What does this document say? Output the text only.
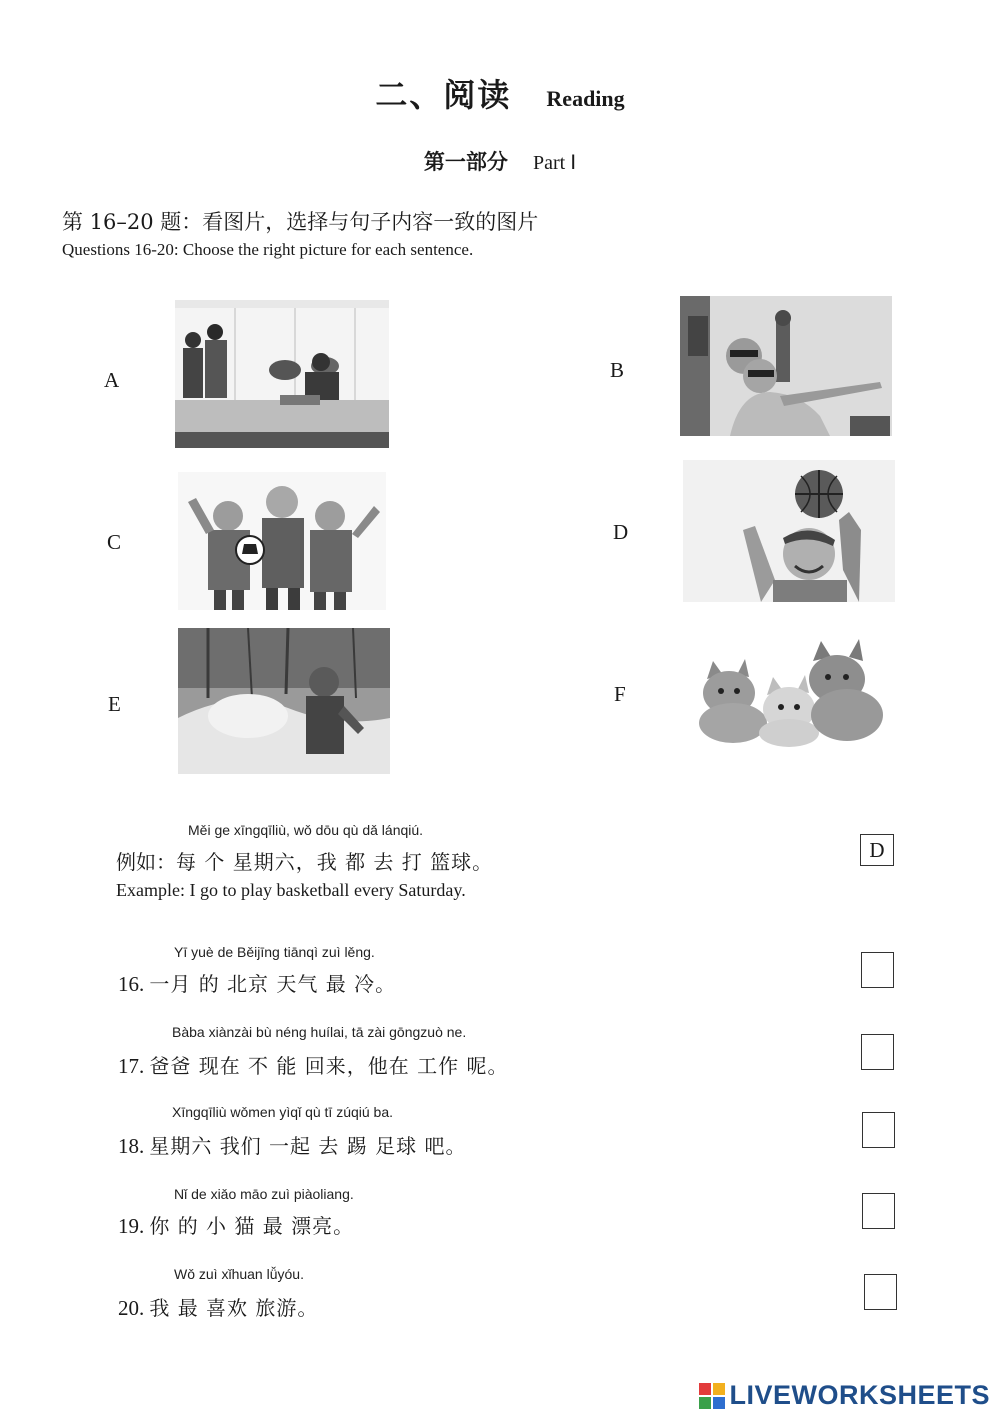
二、阅读 Reading
第一部分 Part Ⅰ
第 16–20 题：看图片，选择与句子内容一致的图片
Questions 16-20: Choose the right picture for each sentence.
A	B
C	D
E	F
Měi ge xīngqīliù, wǒ dōu qù dǎ lánqiú.
例如：每 个 星期六，我 都 去 打 篮球。
Example: I go to play basketball every Saturday.
D
Yī yuè de Běijīng tiānqì zuì lěng.
16. 一月 的 北京 天气 最 冷。
Bàba xiànzài bù néng huílai, tā zài gōngzuò ne.
17. 爸爸 现在 不 能 回来，他在 工作 呢。
Xīngqīliù wǒmen yìqǐ qù tī zúqiú ba.
18. 星期六 我们 一起 去 踢 足球 吧。
Nǐ de xiǎo māo zuì piàoliang.
19. 你 的 小 猫 最 漂亮。
Wǒ zuì xǐhuan lǚyóu.
20. 我 最 喜欢 旅游。
LIVEWORKSHEETS
